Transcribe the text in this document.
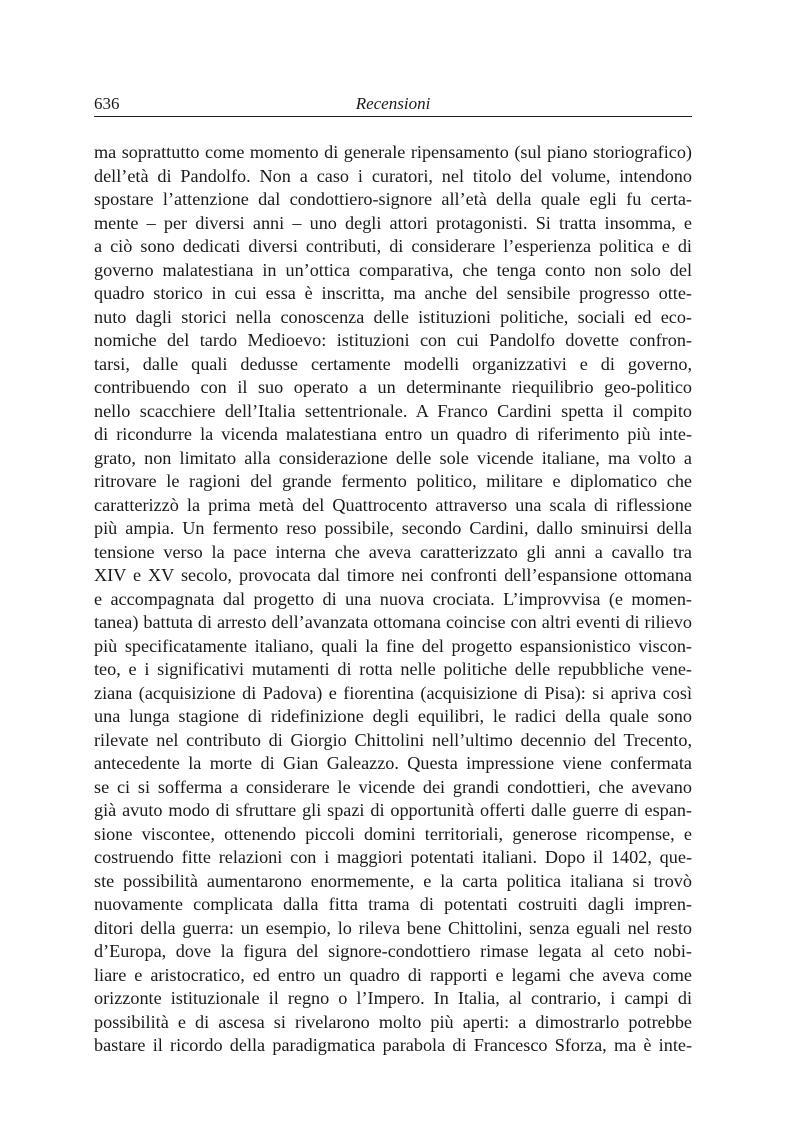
636	Recensioni
ma soprattutto come momento di generale ripensamento (sul piano storiografico)
dell’età di Pandolfo. Non a caso i curatori, nel titolo del volume, intendono
spostare l’attenzione dal condottiero-signore all’età della quale egli fu certa-
mente – per diversi anni – uno degli attori protagonisti. Si tratta insomma, e
a ciò sono dedicati diversi contributi, di considerare l’esperienza politica e di
governo malatestiana in un’ottica comparativa, che tenga conto non solo del
quadro storico in cui essa è inscritta, ma anche del sensibile progresso otte-
nuto dagli storici nella conoscenza delle istituzioni politiche, sociali ed eco-
nomiche del tardo Medioevo: istituzioni con cui Pandolfo dovette confron-
tarsi, dalle quali dedusse certamente modelli organizzativi e di governo,
contribuendo con il suo operato a un determinante riequilibrio geo-politico
nello scacchiere dell’Italia settentrionale. A Franco Cardini spetta il compito
di ricondurre la vicenda malatestiana entro un quadro di riferimento più inte-
grato, non limitato alla considerazione delle sole vicende italiane, ma volto a
ritrovare le ragioni del grande fermento politico, militare e diplomatico che
caratterizzò la prima metà del Quattrocento attraverso una scala di riflessione
più ampia. Un fermento reso possibile, secondo Cardini, dallo sminuirsi della
tensione verso la pace interna che aveva caratterizzato gli anni a cavallo tra
XIV e XV secolo, provocata dal timore nei confronti dell’espansione ottomana
e accompagnata dal progetto di una nuova crociata. L’improvvisa (e momen-
tanea) battuta di arresto dell’avanzata ottomana coincise con altri eventi di rilievo
più specificatamente italiano, quali la fine del progetto espansionistico viscon-
teo, e i significativi mutamenti di rotta nelle politiche delle repubbliche vene-
ziana (acquisizione di Padova) e fiorentina (acquisizione di Pisa): si apriva così
una lunga stagione di ridefinizione degli equilibri, le radici della quale sono
rilevate nel contributo di Giorgio Chittolini nell’ultimo decennio del Trecento,
antecedente la morte di Gian Galeazzo. Questa impressione viene confermata
se ci si sofferma a considerare le vicende dei grandi condottieri, che avevano
già avuto modo di sfruttare gli spazi di opportunità offerti dalle guerre di espan-
sione viscontee, ottenendo piccoli domini territoriali, generose ricompense, e
costruendo fitte relazioni con i maggiori potentati italiani. Dopo il 1402, que-
ste possibilità aumentarono enormemente, e la carta politica italiana si trovò
nuovamente complicata dalla fitta trama di potentati costruiti dagli impren-
ditori della guerra: un esempio, lo rileva bene Chittolini, senza eguali nel resto
d’Europa, dove la figura del signore-condottiero rimase legata al ceto nobi-
liare e aristocratico, ed entro un quadro di rapporti e legami che aveva come
orizzonte istituzionale il regno o l’Impero. In Italia, al contrario, i campi di
possibilità e di ascesa si rivelarono molto più aperti: a dimostrarlo potrebbe
bastare il ricordo della paradigmatica parabola di Francesco Sforza, ma è inte-
